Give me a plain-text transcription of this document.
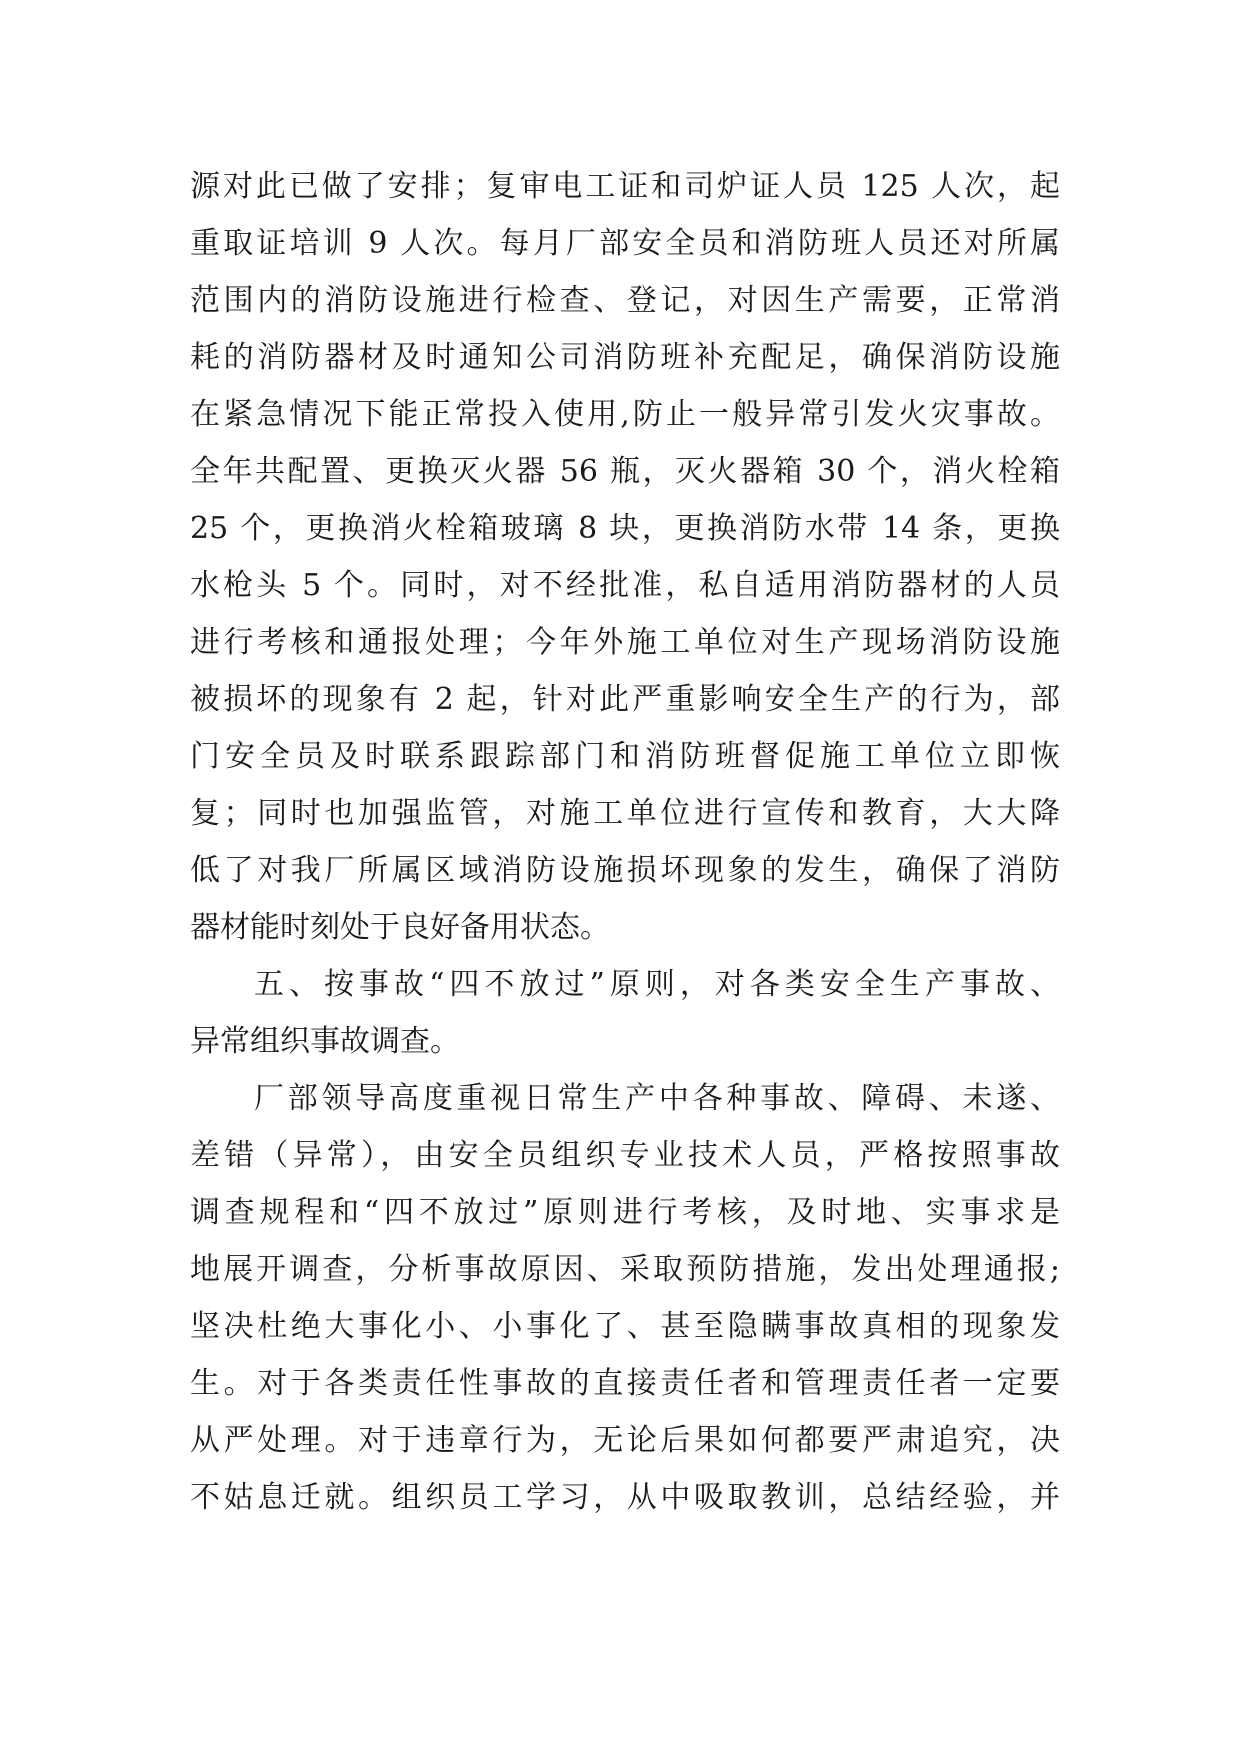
源对此已做了安排；复审电工证和司炉证人员 125 人次，起
重取证培训 9 人次。每月厂部安全员和消防班人员还对所属
范围内的消防设施进行检查、登记，对因生产需要，正常消
耗的消防器材及时通知公司消防班补充配足，确保消防设施
在紧急情况下能正常投入使用,防止一般异常引发火灾事故。
全年共配置、更换灭火器 56 瓶，灭火器箱 30 个，消火栓箱
25 个，更换消火栓箱玻璃 8 块，更换消防水带 14 条，更换
水枪头 5 个。同时，对不经批准，私自适用消防器材的人员
进行考核和通报处理；今年外施工单位对生产现场消防设施
被损坏的现象有 2 起，针对此严重影响安全生产的行为，部
门安全员及时联系跟踪部门和消防班督促施工单位立即恢
复；同时也加强监管，对施工单位进行宣传和教育，大大降
低了对我厂所属区域消防设施损坏现象的发生，确保了消防
器材能时刻处于良好备用状态。
五、按事故“四不放过”原则，对各类安全生产事故、
异常组织事故调查。
厂部领导高度重视日常生产中各种事故、障碍、未遂、
差错（异常），由安全员组织专业技术人员，严格按照事故
调查规程和“四不放过”原则进行考核，及时地、实事求是
地展开调查，分析事故原因、采取预防措施，发出处理通报;
坚决杜绝大事化小、小事化了、甚至隐瞒事故真相的现象发
生。对于各类责任性事故的直接责任者和管理责任者一定要
从严处理。对于违章行为，无论后果如何都要严肃追究，决
不姑息迁就。组织员工学习，从中吸取教训，总结经验，并
